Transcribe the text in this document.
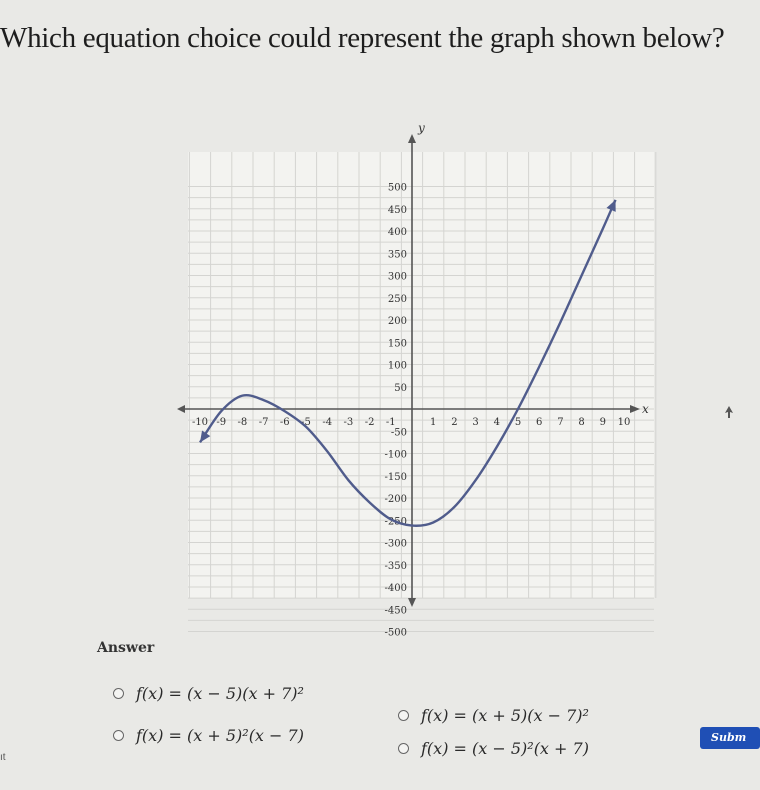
Which equation choice could represent the graph shown below?
-10 -9 -8 -7 -6 -5 -4 -3 -2 -1	1 2 3 4 5 6 7 8 9 10
500
450
400
350
300
250
200
150
100
50
-50
-100
-150
-200
-250
-300
-350
-400
-450
-500
x
y
Answer
f(x) = (x − 5)(x + 7)²
f(x) = (x + 5)²(x − 7)
f(x) = (x + 5)(x − 7)²
f(x) = (x − 5)²(x + 7)
Subm
ıt
